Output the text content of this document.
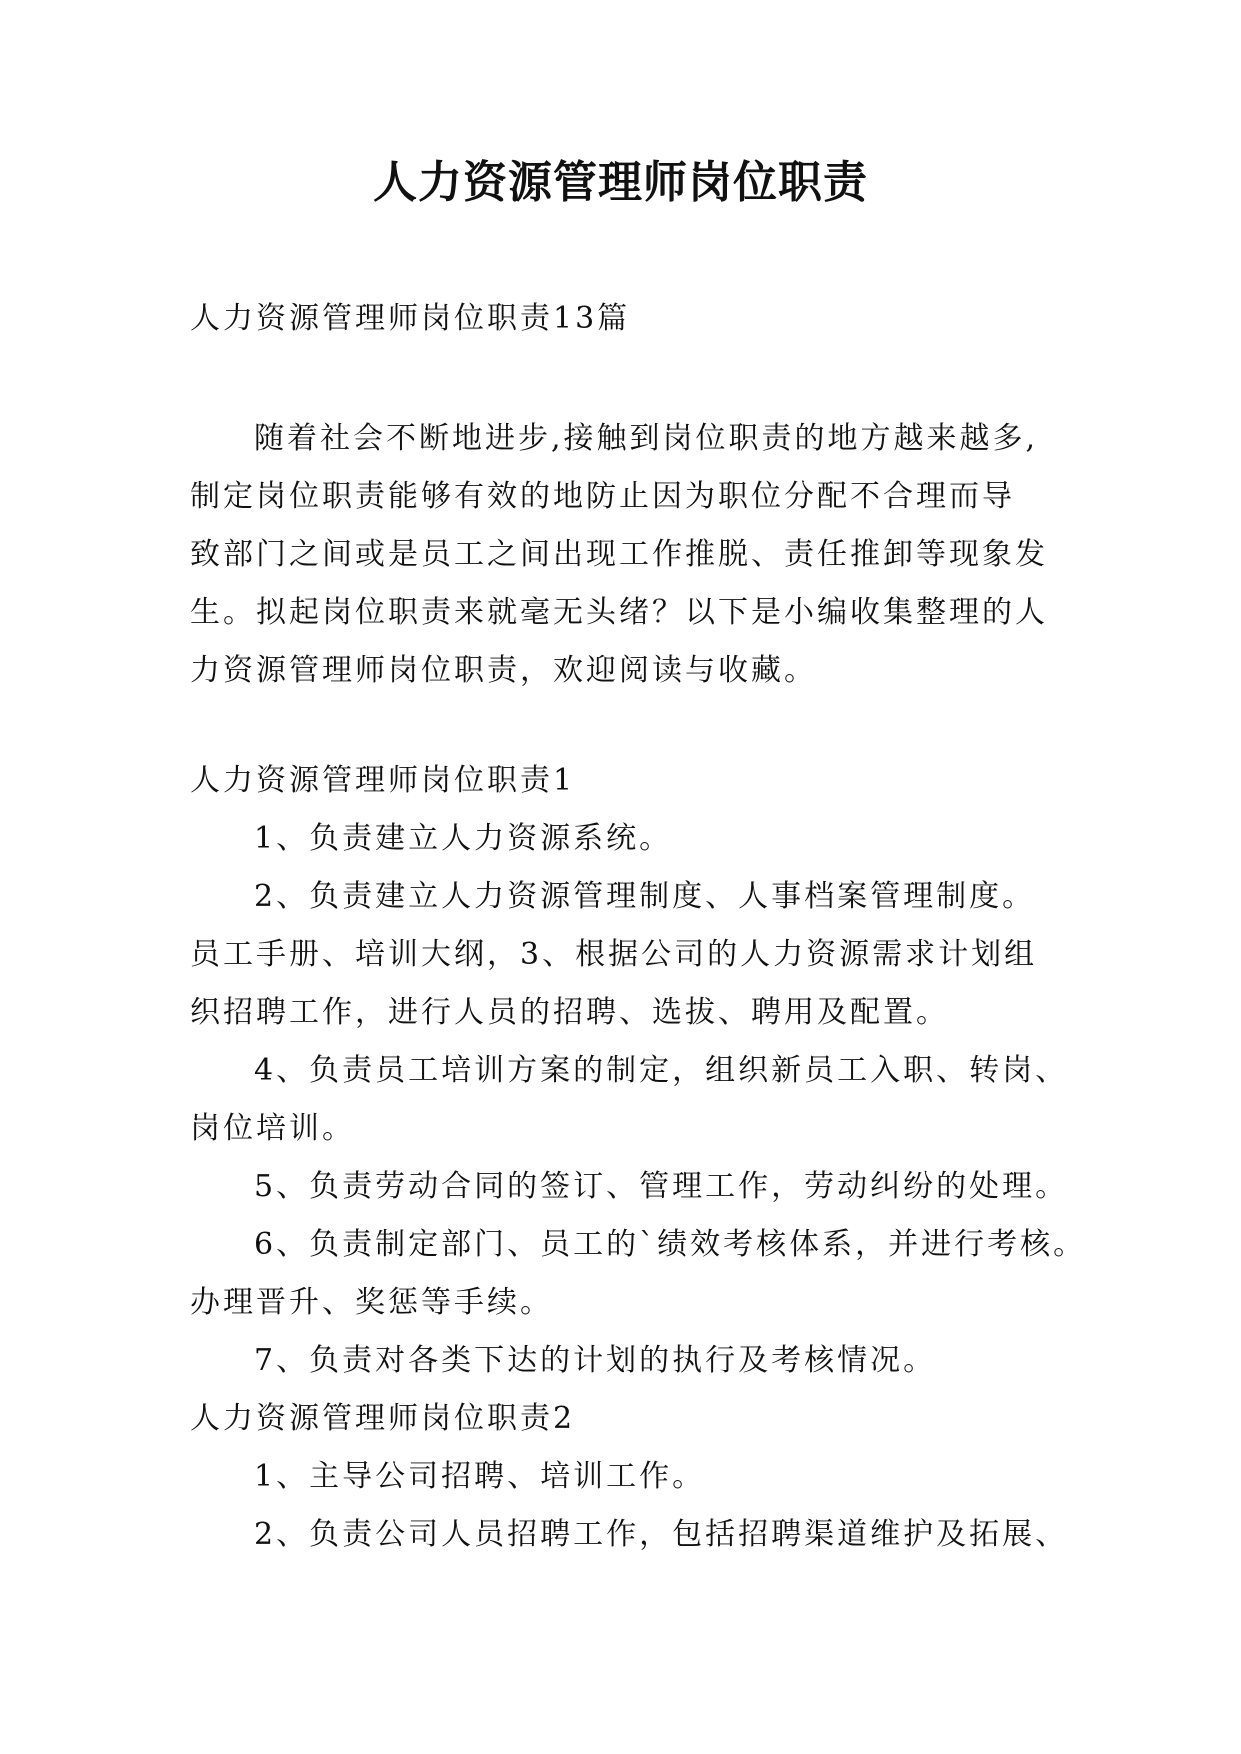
人力资源管理师岗位职责

人力资源管理师岗位职责13篇

随着社会不断地进步,接触到岗位职责的地方越来越多,

制定岗位职责能够有效的地防止因为职位分配不合理而导

致部门之间或是员工之间出现工作推脱、责任推卸等现象发

生。拟起岗位职责来就毫无头绪？以下是小编收集整理的人

力资源管理师岗位职责，欢迎阅读与收藏。

人力资源管理师岗位职责1

1、负责建立人力资源系统。

2、负责建立人力资源管理制度、人事档案管理制度。

员工手册、培训大纲，3、根据公司的人力资源需求计划组

织招聘工作，进行人员的招聘、选拔、聘用及配置。

4、负责员工培训方案的制定，组织新员工入职、转岗、

岗位培训。

5、负责劳动合同的签订、管理工作，劳动纠纷的处理。

6、负责制定部门、员工的`绩效考核体系，并进行考核。

办理晋升、奖惩等手续。

7、负责对各类下达的计划的执行及考核情况。

人力资源管理师岗位职责2

1、主导公司招聘、培训工作。

2、负责公司人员招聘工作，包括招聘渠道维护及拓展、
